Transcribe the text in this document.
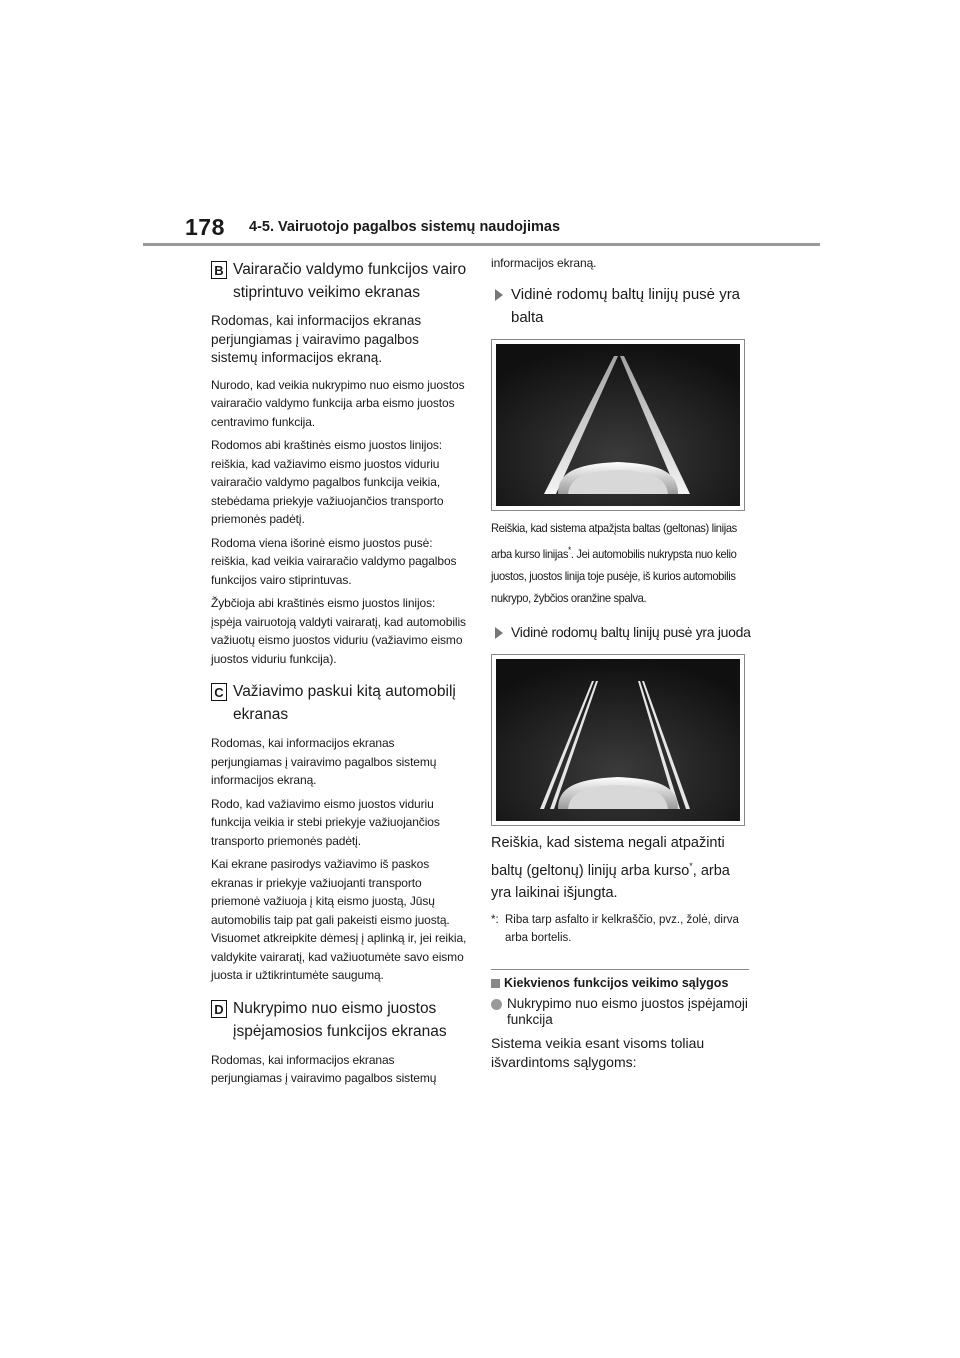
178 4-5. Vairuotojo pagalbos sistemų naudojimas
B Vairaračio valdymo funkcijos vairo stiprintuvo veikimo ekranas

Rodomas, kai informacijos ekranas perjungiamas į vairavimo pagalbos sistemų informacijos ekraną.

Nurodo, kad veikia nukrypimo nuo eismo juostos vairaračio valdymo funkcija arba eismo juostos centravimo funkcija.

Rodomos abi kraštinės eismo juostos linijos: reiškia, kad važiavimo eismo juostos viduriu vairaračio valdymo pagalbos funkcija veikia, stebėdama priekyje važiuojančios transporto priemonės padėtį.

Rodoma viena išorinė eismo juostos pusė: reiškia, kad veikia vairaračio valdymo pagalbos funkcijos vairo stiprintuvas.

Žybčioja abi kraštinės eismo juostos linijos: įspėja vairuotoją valdyti vairaratį, kad automobilis važiuotų eismo juostos viduriu (važiavimo eismo juostos viduriu funkcija).

C Važiavimo paskui kitą automobilį ekranas

Rodomas, kai informacijos ekranas perjungiamas į vairavimo pagalbos sistemų informacijos ekraną.

Rodo, kad važiavimo eismo juostos viduriu funkcija veikia ir stebi priekyje važiuojančios transporto priemonės padėtį.

Kai ekrane pasirodys važiavimo iš paskos ekranas ir priekyje važiuojanti transporto priemonė važiuoja į kitą eismo juostą, Jūsų automobilis taip pat gali pakeisti eismo juostą. Visuomet atkreipkite dėmesį į aplinką ir, jei reikia, valdykite vairaratį, kad važiuotumėte savo eismo juosta ir užtikrintumėte saugumą.

D Nukrypimo nuo eismo juostos įspėjamosios funkcijos ekranas

Rodomas, kai informacijos ekranas perjungiamas į vairavimo pagalbos sistemų

informacijos ekraną.

Vidinė rodomų baltų linijų pusė yra balta

Reiškia, kad sistema atpažįsta baltas (geltonas) linijas arba kurso linijas*. Jei automobilis nukrypsta nuo kelio juostos, juostos linija toje pusėje, iš kurios automobilis nukrypo, žybčios oranžine spalva.

Vidinė rodomų baltų linijų pusė yra juoda

Reiškia, kad sistema negali atpažinti baltų (geltonų) linijų arba kurso*, arba yra laikinai išjungta.

*: Riba tarp asfalto ir kelkraščio, pvz., žolė, dirva arba bortelis.
Kiekvienos funkcijos veikimo sąlygos
Nukrypimo nuo eismo juostos įspėjamoji funkcija

Sistema veikia esant visoms toliau išvardintoms sąlygoms:
